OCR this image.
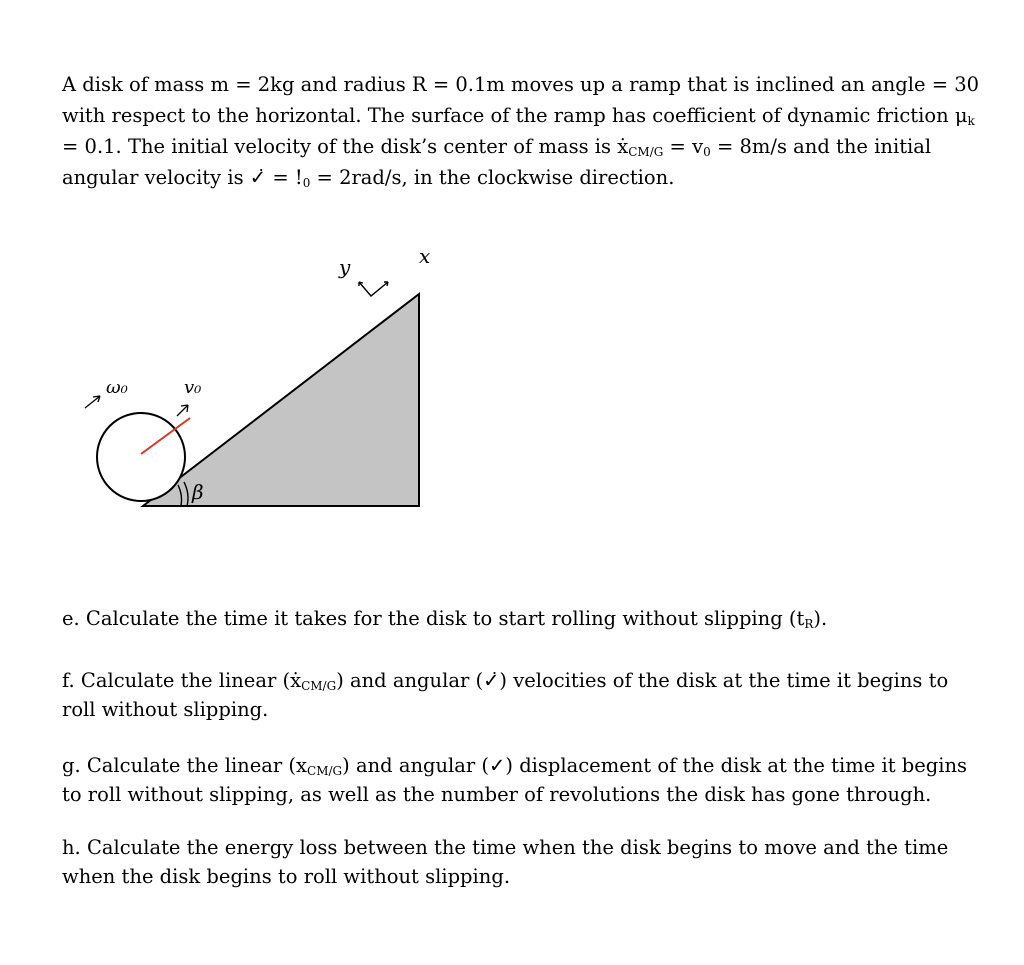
A disk of mass m = 2kg and radius R = 0.1m moves up a ramp that is inclined an angle = 30
with respect to the horizontal. The surface of the ramp has coefficient of dynamic friction $\mu_k$
= 0.1. The initial velocity of the disk’s center of mass is ẋ$_{CM/G}$ = $v_0 = 8m/s$ and the initial
angular velocity is ✓̇ = $!_0 = 2rad/s$, in the clockwise direction.
β
v₀
ω₀
y	x
e. Calculate the time it takes for the disk to start rolling without slipping $(t_R)$.
f. Calculate the linear (ẋ$_{CM/G}$) and angular (✓̇) velocities of the disk at the time it begins to
roll without slipping.
g. Calculate the linear $(x_{CM/G})$ and angular (✓) displacement of the disk at the time it begins
to roll without slipping, as well as the number of revolutions the disk has gone through.
h. Calculate the energy loss between the time when the disk begins to move and the time
when the disk begins to roll without slipping.
